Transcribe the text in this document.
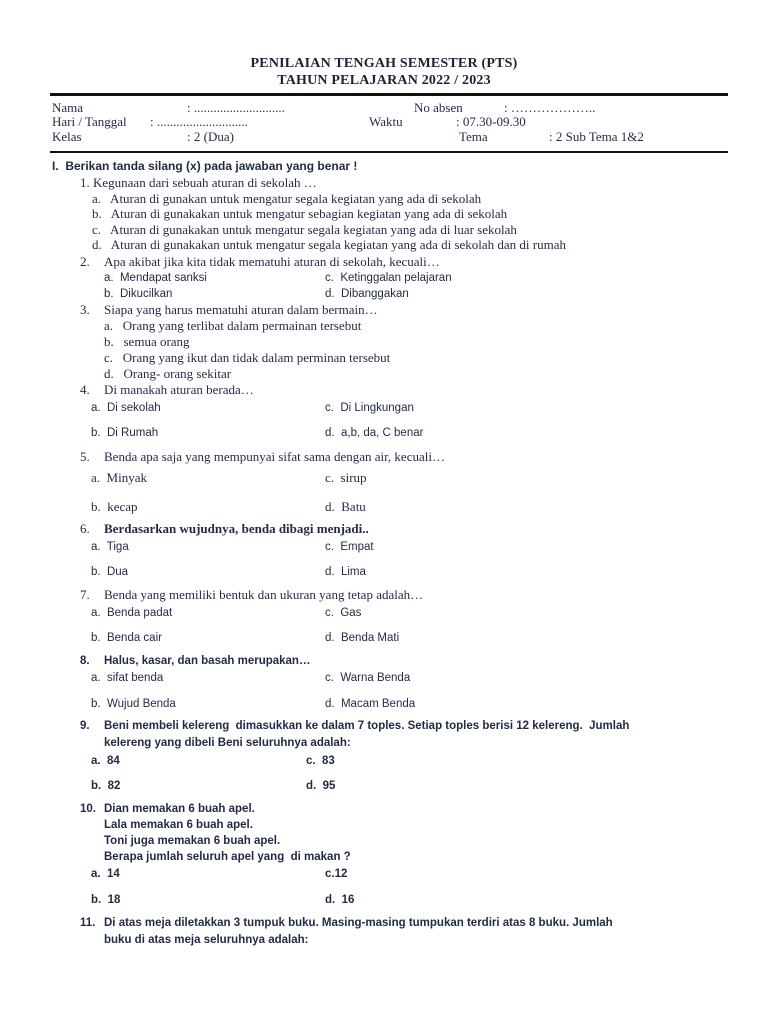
PENILAIAN TENGAH SEMESTER (PTS)
TAHUN PELAJARAN 2022 / 2023
Nama	: ............................	No absen	: ………………..
Hari / Tanggal : ............................	Waktu	: 07.30-09.30
Kelas	: 2 (Dua)	Tema	: 2 Sub Tema 1&2
I.  Berikan tanda silang (x) pada jawaban yang benar !
1. Kegunaan dari sebuah aturan di sekolah …
a.   Aturan di gunakan untuk mengatur segala kegiatan yang ada di sekolah
b.   Aturan di gunakakan untuk mengatur sebagian kegiatan yang ada di sekolah
c.   Aturan di gunakakan untuk mengatur segala kegiatan yang ada di luar sekolah
d.   Aturan di gunakakan untuk mengatur segala kegiatan yang ada di sekolah dan di rumah
2. Apa akibat jika kita tidak mematuhi aturan di sekolah, kecuali…
a.  Mendapat sanksi	c.  Ketinggalan pelajaran
b.  Dikucilkan	d.  Dibanggakan
3. Siapa yang harus mematuhi aturan dalam bermain…
a.   Orang yang terlibat dalam permainan tersebut
b.   semua orang
c.   Orang yang ikut dan tidak dalam perminan tersebut
d.   Orang- orang sekitar
4. Di manakah aturan berada…
a.  Di sekolah	c.  Di Lingkungan
b.  Di Rumah	d.  a,b, da, C benar
5. Benda apa saja yang mempunyai sifat sama dengan air, kecuali…
a.  Minyak	c.  sirup
b.  kecap	d.  Batu
6. Berdasarkan wujudnya, benda dibagi menjadi..
a.  Tiga	c.  Empat
b.  Dua	d.  Lima
7. Benda yang memiliki bentuk dan ukuran yang tetap adalah…
a.  Benda padat	c.  Gas
b.  Benda cair	d.  Benda Mati
8. Halus, kasar, dan basah merupakan…
a.  sifat benda	c.  Warna Benda
b.  Wujud Benda	d.  Macam Benda
9. Beni membeli kelereng  dimasukkan ke dalam 7 toples. Setiap toples berisi 12 kelereng.  Jumlah
kelereng yang dibeli Beni seluruhnya adalah:
a.  84	c.  83
b.  82	d.  95
10. Dian memakan 6 buah apel.
Lala memakan 6 buah apel.
Toni juga memakan 6 buah apel.
Berapa jumlah seluruh apel yang  di makan ?
a.  14	c.12
b.  18	d.  16
11. Di atas meja diletakkan 3 tumpuk buku. Masing-masing tumpukan terdiri atas 8 buku. Jumlah
buku di atas meja seluruhnya adalah:
